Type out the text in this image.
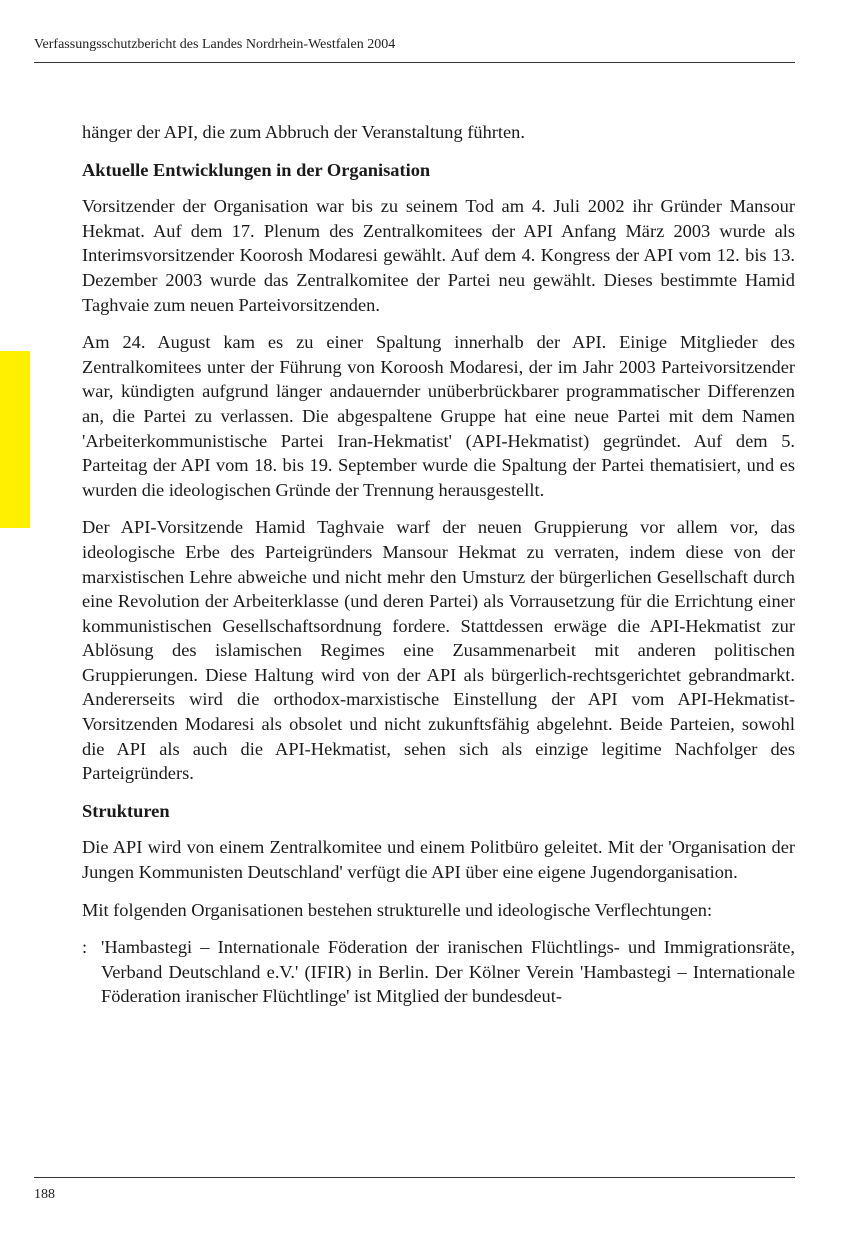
Verfassungsschutzbericht des Landes Nordrhein-Westfalen 2004

hänger der API, die zum Abbruch der Veranstaltung führten.

Aktuelle Entwicklungen in der Organisation

Vorsitzender der Organisation war bis zu seinem Tod am 4. Juli 2002 ihr Gründer Mansour Hekmat. Auf dem 17. Plenum des Zentralkomitees der API Anfang März 2003 wurde als Interimsvorsitzender Koorosh Modaresi gewählt. Auf dem 4. Kongress der API vom 12. bis 13. Dezember 2003 wurde das Zentralkomitee der Partei neu gewählt. Dieses bestimmte Hamid Taghvaie zum neuen Parteivorsitzenden.

Am 24. August kam es zu einer Spaltung innerhalb der API. Einige Mitglieder des Zentralkomitees unter der Führung von Koroosh Modaresi, der im Jahr 2003 Parteivorsitzender war, kündigten aufgrund länger andauernder unüberbrückbarer programmatischer Differenzen an, die Partei zu verlassen. Die abgespaltene Gruppe hat eine neue Partei mit dem Namen 'Arbeiterkommunistische Partei Iran-Hekmatist' (API-Hekmatist) gegründet. Auf dem 5. Parteitag der API vom 18. bis 19. September wurde die Spaltung der Partei thematisiert, und es wurden die ideologischen Gründe der Trennung herausgestellt.

Der API-Vorsitzende Hamid Taghvaie warf der neuen Gruppierung vor allem vor, das ideologische Erbe des Parteigründers Mansour Hekmat zu verraten, indem diese von der marxistischen Lehre abweiche und nicht mehr den Umsturz der bürgerlichen Gesellschaft durch eine Revolution der Arbeiterklasse (und deren Partei) als Vorrausetzung für die Errichtung einer kommunistischen Gesellschaftsordnung fordere. Stattdessen erwäge die API-Hekmatist zur Ablösung des islamischen Regimes eine Zusammenarbeit mit anderen politischen Gruppierungen. Diese Haltung wird von der API als bürgerlich-rechtsgerichtet gebrandmarkt. Andererseits wird die orthodox-marxistische Einstellung der API vom API-Hekmatist-Vorsitzenden Modaresi als obsolet und nicht zukunftsfähig abgelehnt. Beide Parteien, sowohl die API als auch die API-Hekmatist, sehen sich als einzige legitime Nachfolger des Parteigründers.

Strukturen

Die API wird von einem Zentralkomitee und einem Politbüro geleitet. Mit der 'Organisation der Jungen Kommunisten Deutschland' verfügt die API über eine eigene Jugendorganisation.

Mit folgenden Organisationen bestehen strukturelle und ideologische Verflechtungen:

: 'Hambastegi – Internationale Föderation der iranischen Flüchtlings- und Immigrationsräte, Verband Deutschland e.V.' (IFIR) in Berlin. Der Kölner Verein 'Hambastegi – Internationale Föderation iranischer Flüchtlinge' ist Mitglied der bundesdeut-
188
